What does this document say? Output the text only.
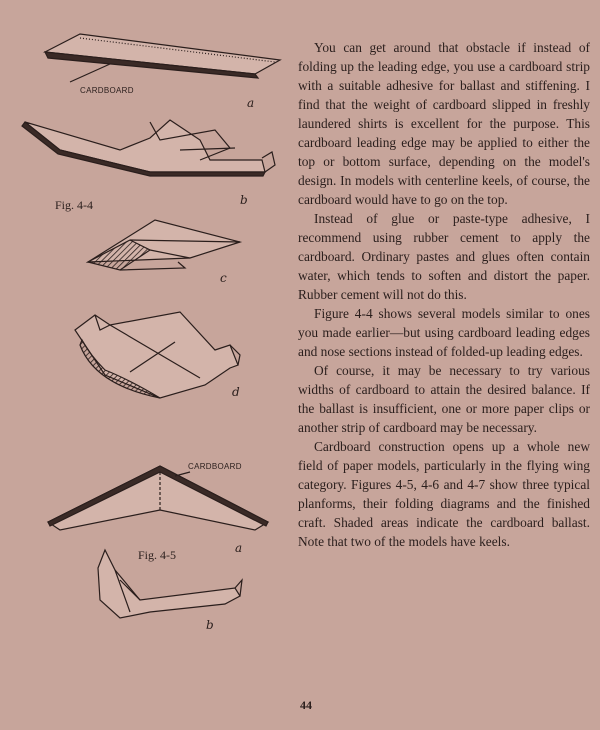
CARDBOARD
a
Fig. 4-4	b
c
d
CARDBOARD
Fig. 4-5	a
b

You can get around that obstacle if instead of folding up the leading edge, you use a cardboard strip with a suitable adhesive for ballast and stiffening. I find that the weight of cardboard slipped in freshly laundered shirts is excellent for the purpose. This cardboard leading edge may be applied to either the top or bottom surface, depending on the model's design. In models with centerline keels, of course, the cardboard would have to go on the top.

Instead of glue or paste-type adhesive, I recommend using rubber cement to apply the cardboard. Ordinary pastes and glues often contain water, which tends to soften and distort the paper. Rubber cement will not do this.

Figure 4-4 shows several models similar to ones you made earlier—but using cardboard leading edges and nose sections instead of folded-up leading edges.

Of course, it may be necessary to try various widths of cardboard to attain the desired balance. If the ballast is insufficient, one or more paper clips or another strip of cardboard may be necessary.

Cardboard construction opens up a whole new field of paper models, particularly in the flying wing category. Figures 4-5, 4-6 and 4-7 show three typical planforms, their folding diagrams and the finished craft. Shaded areas indicate the cardboard ballast. Note that two of the models have keels.

44
